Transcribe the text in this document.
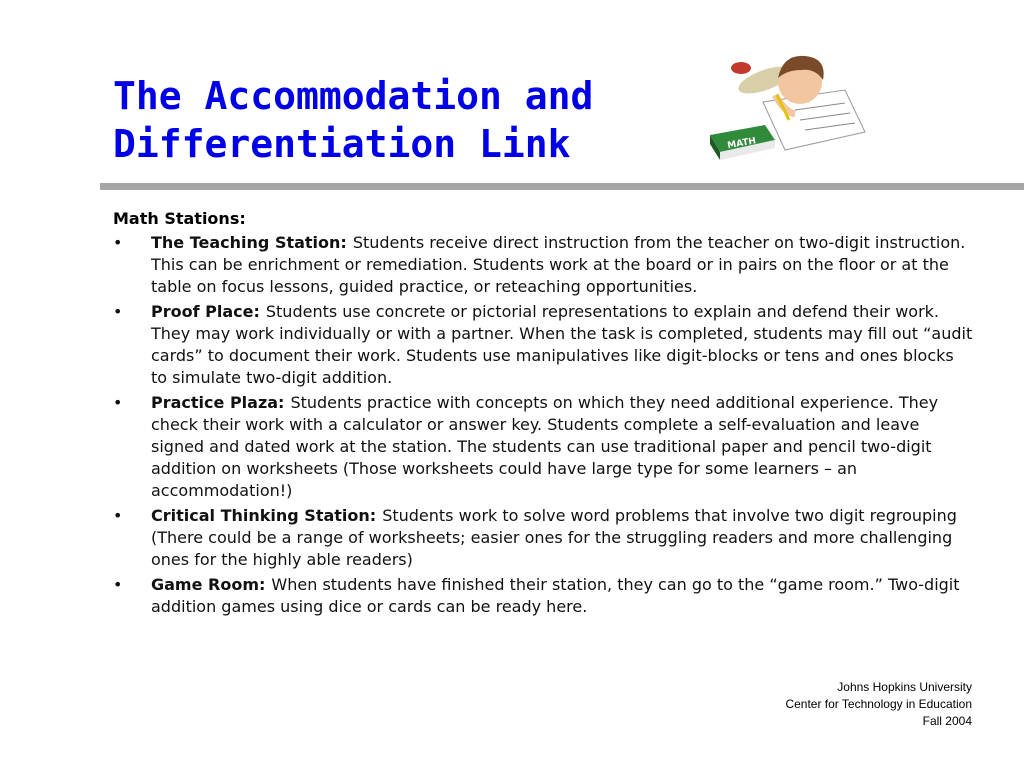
The Accommodation and
Differentiation Link	MATH
Math Stations:
•	The Teaching Station: Students receive direct instruction from the teacher on two-digit instruction. This can be enrichment or remediation. Students work at the board or in pairs on the floor or at the table on focus lessons, guided practice, or reteaching opportunities.
•	Proof Place: Students use concrete or pictorial representations to explain and defend their work. They may work individually or with a partner. When the task is completed, students may fill out “audit cards” to document their work. Students use manipulatives like digit-blocks or tens and ones blocks to simulate two-digit addition.
•	Practice Plaza: Students practice with concepts on which they need additional experience. They check their work with a calculator or answer key. Students complete a self-evaluation and leave signed and dated work at the station. The students can use traditional paper and pencil two-digit addition on worksheets (Those worksheets could have large type for some learners – an accommodation!)
•	Critical Thinking Station: Students work to solve word problems that involve two digit regrouping (There could be a range of worksheets; easier ones for the struggling readers and more challenging ones for the highly able readers)
•	Game Room: When students have finished their station, they can go to the “game room.” Two-digit addition games using dice or cards can be ready here.
Johns Hopkins University
Center for Technology in Education
Fall 2004
